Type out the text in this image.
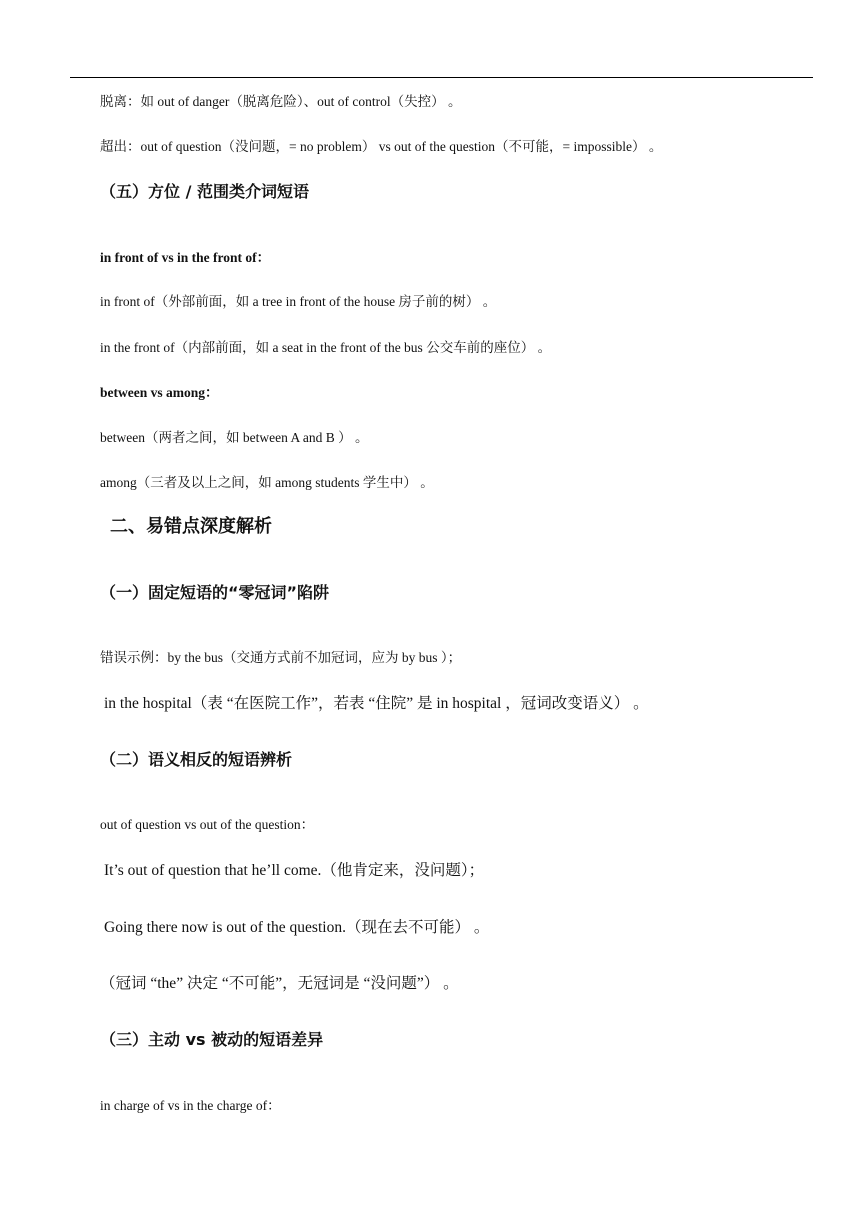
脱离：如 out of danger（脱离危险）、out of control（失控） 。
超出：out of question（没问题，= no problem） vs out of the question（不可能，= impossible） 。
（五）方位 / 范围类介词短语
in front of vs in the front of：
in front of（外部前面，如 a tree in front of the house 房子前的树） 。
in the front of（内部前面，如 a seat in the front of the bus 公交车前的座位） 。
between vs among：
between（两者之间，如 between A and B ） 。
among（三者及以上之间，如 among students 学生中） 。
二、易错点深度解析
（一）固定短语的“零冠词”陷阱
错误示例：by the bus（交通方式前不加冠词，应为 by bus ）；
in the hospital（表 “在医院工作”，若表 “住院” 是 in hospital ，冠词改变语义） 。
（二）语义相反的短语辨析
out of question vs out of the question：
It’s out of question that he’ll come.（他肯定来，没问题）；
Going there now is out of the question.（现在去不可能） 。
（冠词 “the” 决定 “不可能”，无冠词是 “没问题”） 。
（三）主动 vs 被动的短语差异
in charge of vs in the charge of：
